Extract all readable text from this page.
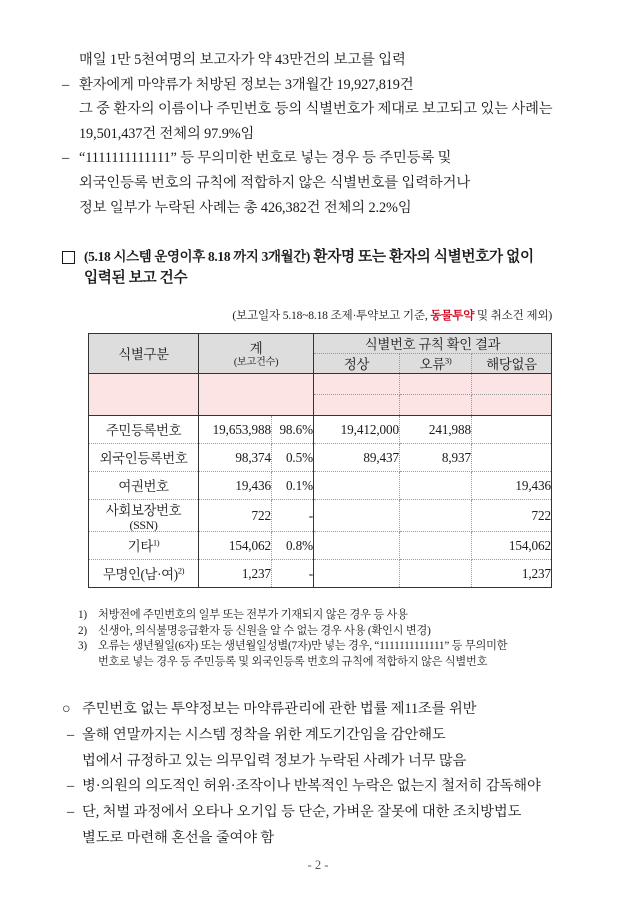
매일 1만 5천여명의 보고자가 약 43만건의 보고를 입력
– 환자에게 마약류가 처방된 정보는 3개월간 19,927,819건
그 중 환자의 이름이나 주민번호 등의 식별번호가 제대로 보고되고 있는 사례는
19,501,437건 전체의 97.9%임
– “1111111111111” 등 무의미한 번호로 넣는 경우 등 주민등록 및
외국인등록 번호의 규칙에 적합하지 않은 식별번호를 입력하거나
정보 일부가 누락된 사례는 총 426,382건 전체의 2.2%임
(5.18 시스템 운영이후 8.18 까지 3개월간) 환자명 또는 환자의 식별번호가 없이
입력된 보고 건수
(보고일자 5.18~8.18 조제·투약보고 기준, 동물투약 및 취소건 제외)
식별구분	계
(보고건수)		식별번호 규칙 확인 결과		
			정상	오류$^{3)}$	해당없음

주민등록번호	19,653,988	98.6%	19,412,000	241,988	
외국인등록번호	98,374	0.5%	89,437	8,937	
여권번호	19,436	0.1%			19,436
사회보장번호
(SSN)	722	-			722
기타$^{1)}$	154,062	0.8%			154,062
무명인(남·여)$^{2)}$	1,237	-			1,237
1) 처방전에 주민번호의 일부 또는 전부가 기재되지 않은 경우 등 사용
2) 신생아, 의식불명응급환자 등 신원을 알 수 없는 경우 사용 (확인시 변경)
3) 오류는 생년월일(6자) 또는 생년월일성별(7자)만 넣는 경우, “1111111111111” 등 무의미한

번호로 넣는 경우 등 주민등록 및 외국인등록 번호의 규칙에 적합하지 않은 식별번호
○ 주민번호 없는 투약정보는 마약류관리에 관한 법률 제11조를 위반
– 올해 연말까지는 시스템 정착을 위한 계도기간임을 감안해도
법에서 규정하고 있는 의무입력 정보가 누락된 사례가 너무 많음
– 병·의원의 의도적인 허위·조작이나 반복적인 누락은 없는지 철저히 감독해야
– 단, 처벌 과정에서 오타나 오기입 등 단순, 가벼운 잘못에 대한 조치방법도
별도로 마련해 혼선을 줄여야 함
- 2 -
